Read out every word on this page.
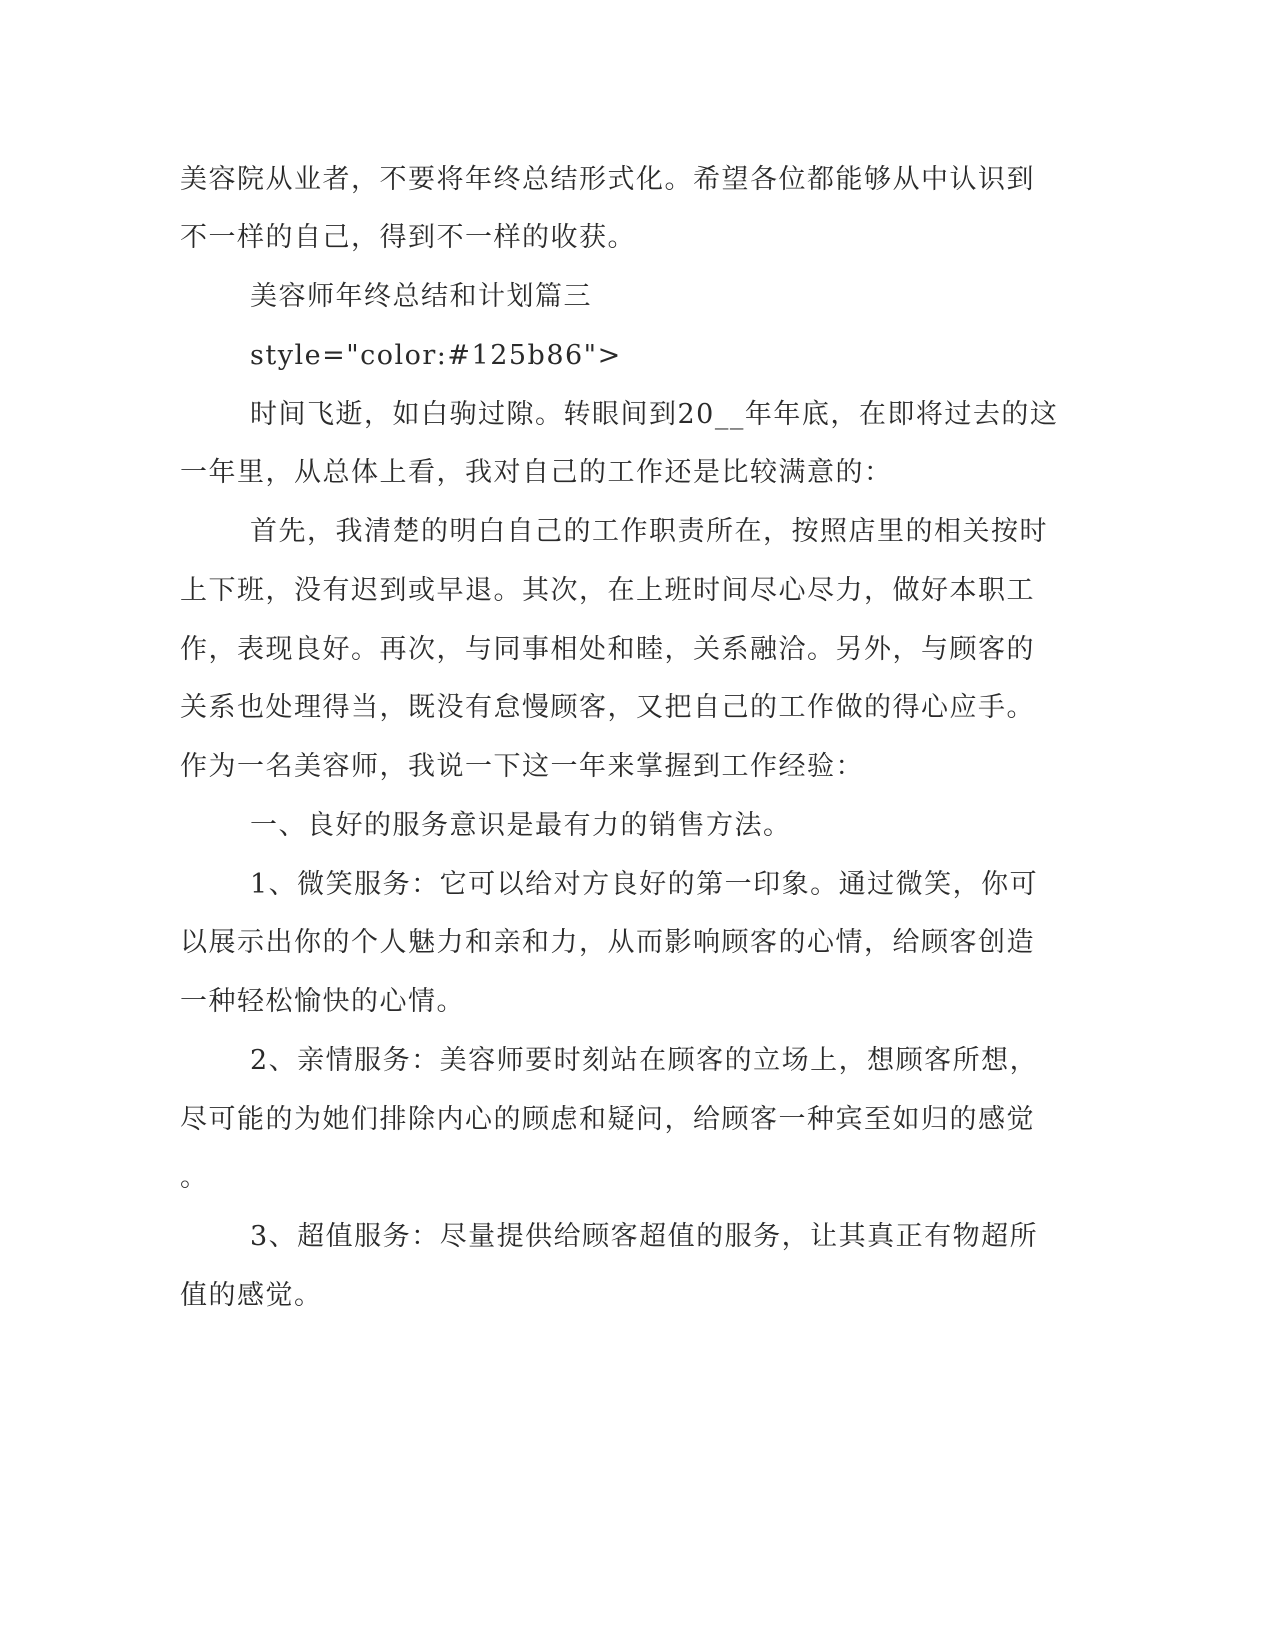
美容院从业者，不要将年终总结形式化。希望各位都能够从中认识到
不一样的自己，得到不一样的收获。
美容师年终总结和计划篇三
style="color:#125b86">
时间飞逝，如白驹过隙。转眼间到20__年年底，在即将过去的这
一年里，从总体上看，我对自己的工作还是比较满意的：
首先，我清楚的明白自己的工作职责所在，按照店里的相关按时
上下班，没有迟到或早退。其次，在上班时间尽心尽力，做好本职工
作，表现良好。再次，与同事相处和睦，关系融洽。另外，与顾客的
关系也处理得当，既没有怠慢顾客，又把自己的工作做的得心应手。
作为一名美容师，我说一下这一年来掌握到工作经验：
一、良好的服务意识是最有力的销售方法。
1、微笑服务：它可以给对方良好的第一印象。通过微笑，你可
以展示出你的个人魅力和亲和力，从而影响顾客的心情，给顾客创造
一种轻松愉快的心情。
2、亲情服务：美容师要时刻站在顾客的立场上，想顾客所想，
尽可能的为她们排除内心的顾虑和疑问，给顾客一种宾至如归的感觉
。
3、超值服务：尽量提供给顾客超值的服务，让其真正有物超所
值的感觉。
